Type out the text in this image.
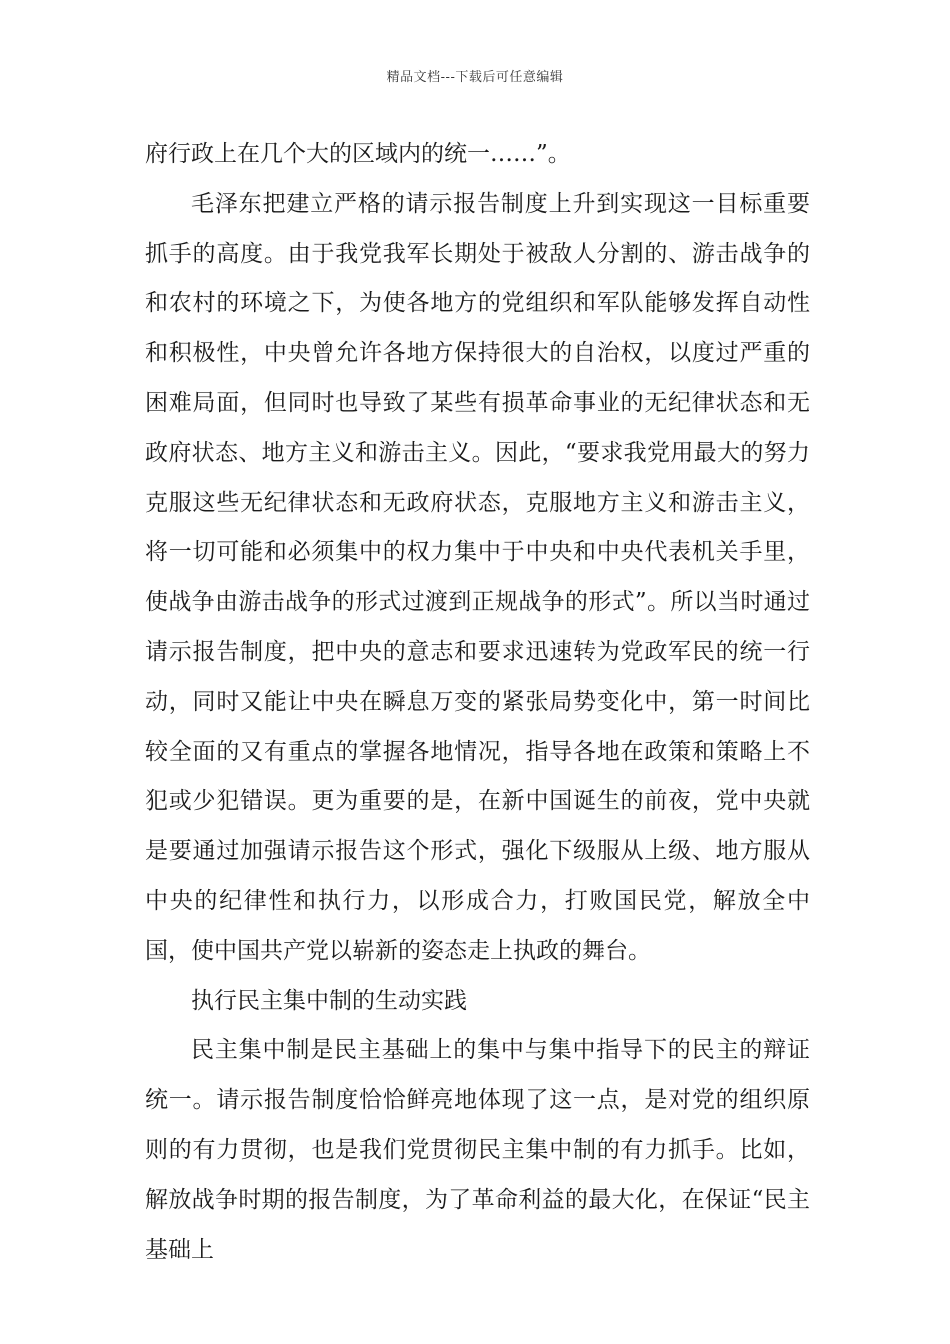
精品文档---下载后可任意编辑

府行政上在几个大的区域内的统一……”。

毛泽东把建立严格的请示报告制度上升到实现这一目标重要抓手的高度。由于我党我军长期处于被敌人分割的、游击战争的和农村的环境之下，为使各地方的党组织和军队能够发挥自动性和积极性，中央曾允许各地方保持很大的自治权，以度过严重的困难局面，但同时也导致了某些有损革命事业的无纪律状态和无政府状态、地方主义和游击主义。因此，“要求我党用最大的努力克服这些无纪律状态和无政府状态，克服地方主义和游击主义，将一切可能和必须集中的权力集中于中央和中央代表机关手里，使战争由游击战争的形式过渡到正规战争的形式”。所以当时通过请示报告制度，把中央的意志和要求迅速转为党政军民的统一行动，同时又能让中央在瞬息万变的紧张局势变化中，第一时间比较全面的又有重点的掌握各地情况，指导各地在政策和策略上不犯或少犯错误。更为重要的是，在新中国诞生的前夜，党中央就是要通过加强请示报告这个形式，强化下级服从上级、地方服从中央的纪律性和执行力，以形成合力，打败国民党，解放全中国，使中国共产党以崭新的姿态走上执政的舞台。

执行民主集中制的生动实践

民主集中制是民主基础上的集中与集中指导下的民主的辩证统一。请示报告制度恰恰鲜亮地体现了这一点，是对党的组织原则的有力贯彻，也是我们党贯彻民主集中制的有力抓手。比如，解放战争时期的报告制度，为了革命利益的最大化，在保证“民主基础上
